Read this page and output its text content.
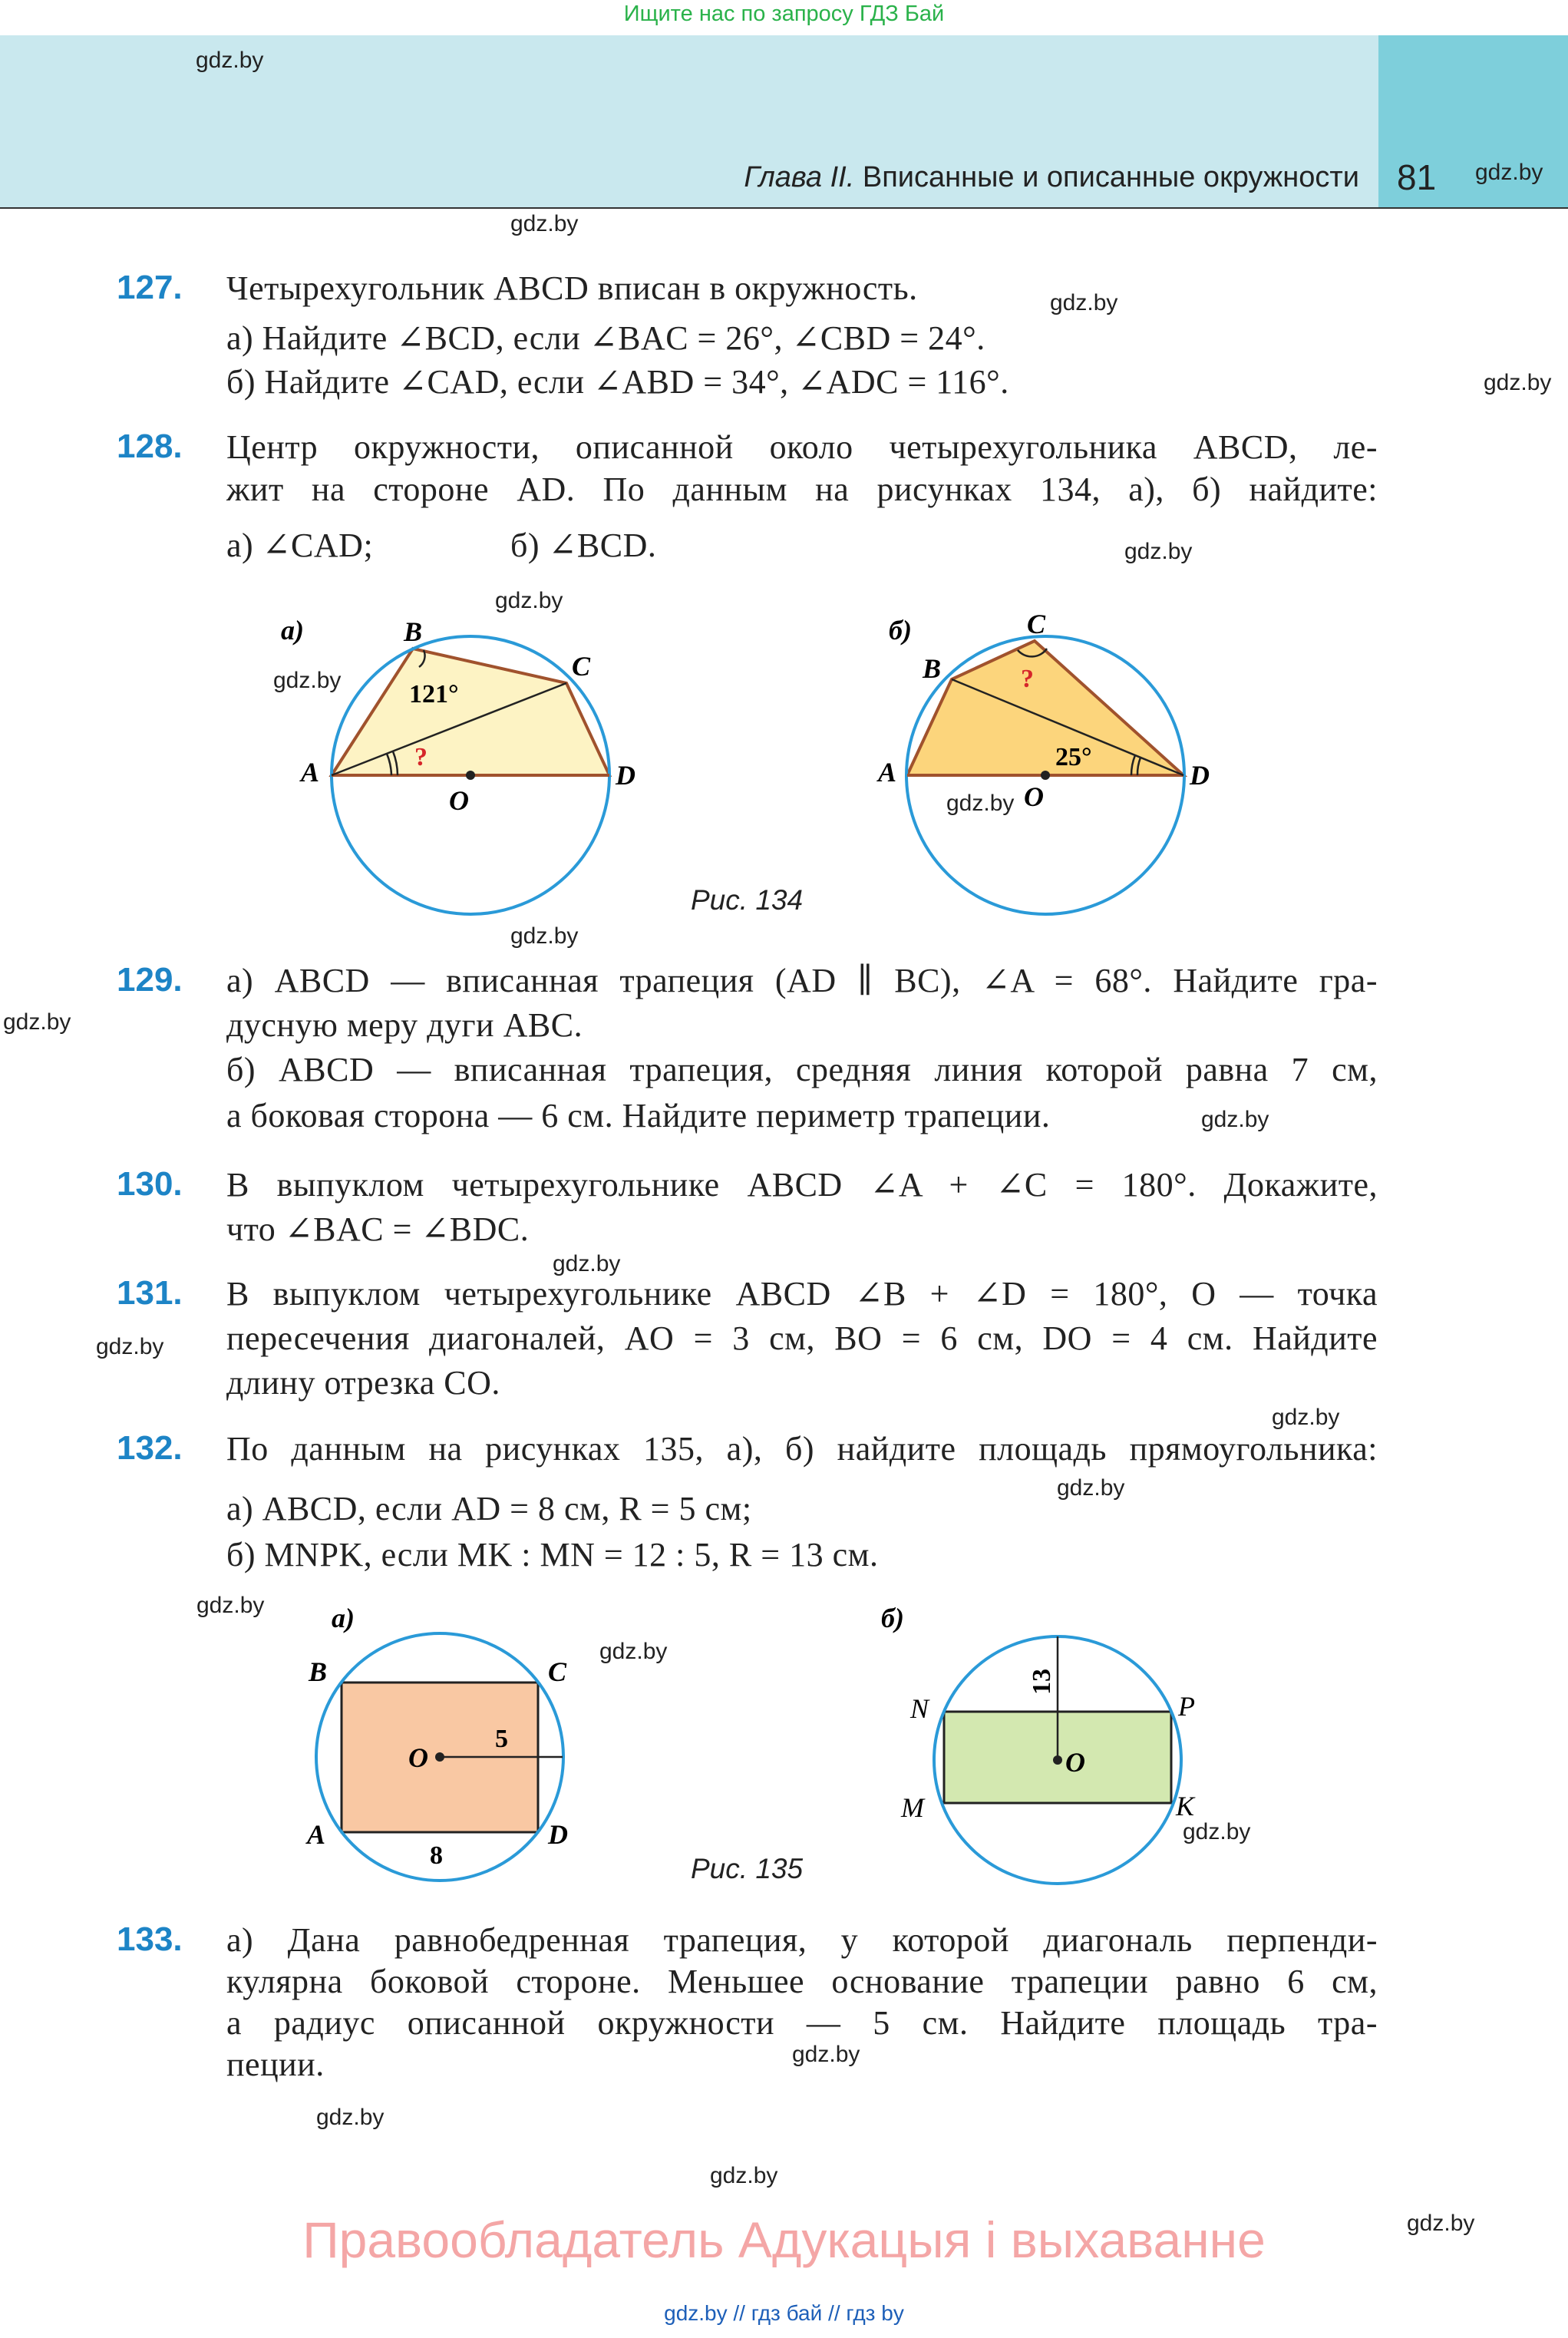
Ищите нас по запросу ГДЗ Бай
Глава II. Вписанные и описанные окружности 81
gdz.by
gdz.by
gdz.by
gdz.by
gdz.by
gdz.by
gdz.by
gdz.by
gdz.by
gdz.by
gdz.by
gdz.by
gdz.by
gdz.by
gdz.by
gdz.by
gdz.by
gdz.by
gdz.by
gdz.by
gdz.by
gdz.by
gdz.by
127. Четырехугольник ABCD вписан в окружность.
а) Найдите ∠BCD, если ∠BAC = 26°, ∠CBD = 24°.
б) Найдите ∠CAD, если ∠ABD = 34°, ∠ADC = 116°.
128. Центр окружности, описанной около четырехугольника ABCD, ле-
жит на стороне AD. По данным на рисунках 134, а), б) найдите:
а) ∠CAD;	б) ∠BCD.
а)	B
C
A	D
O
121°
?
б)	C
B
A	D
O
25°
?
Рис. 134
129. а) ABCD — вписанная трапеция (AD ∥ BC), ∠A = 68°. Найдите гра-
дусную меру дуги ABC.
б) ABCD — вписанная трапеция, средняя линия которой равна 7 см,
а боковая сторона — 6 см. Найдите периметр трапеции.
130. В выпуклом четырехугольнике ABCD ∠A + ∠C = 180°. Докажите,
что ∠BAC = ∠BDC.
131. В выпуклом четырехугольнике ABCD ∠B + ∠D = 180°, O — точка
пересечения диагоналей, AO = 3 см, BO = 6 см, DO = 4 см. Найдите
длину отрезка CO.
132. По данным на рисунках 135, а), б) найдите площадь прямоугольника:
а) ABCD, если AD = 8 см, R = 5 см;
б) MNPK, если MK : MN = 12 : 5, R = 13 см.
а)
B	C
A	D
O
5
8
б)
N	P
M	K
O
13
Рис. 135
133. а) Дана равнобедренная трапеция, у которой диагональ перпенди-
кулярна боковой стороне. Меньшее основание трапеции равно 6 см,
а радиус описанной окружности — 5 см. Найдите площадь тра-
пеции.
Правообладатель Адукацыя і выхаванне
gdz.by // гдз бай // гдз by
